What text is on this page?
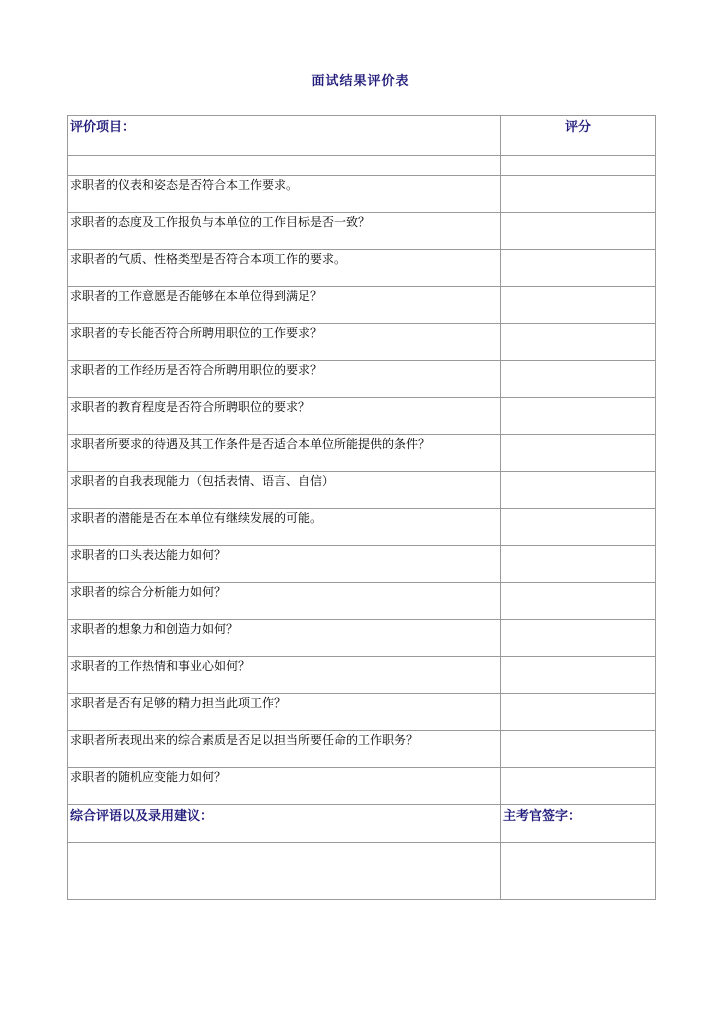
面试结果评价表
评价项目：	评分

求职者的仪表和姿态是否符合本工作要求。	
求职者的态度及工作报负与本单位的工作目标是否一致？	
求职者的气质、性格类型是否符合本项工作的要求。	
求职者的工作意愿是否能够在本单位得到满足？	
求职者的专长能否符合所聘用职位的工作要求？	
求职者的工作经历是否符合所聘用职位的要求？	
求职者的教育程度是否符合所聘职位的要求？	
求职者所要求的待遇及其工作条件是否适合本单位所能提供的条件？	
求职者的自我表现能力（包括表情、语言、自信）	
求职者的潜能是否在本单位有继续发展的可能。	
求职者的口头表达能力如何？	
求职者的综合分析能力如何？	
求职者的想象力和创造力如何？	
求职者的工作热情和事业心如何？	
求职者是否有足够的精力担当此项工作？	
求职者所表现出来的综合素质是否足以担当所要任命的工作职务？	
求职者的随机应变能力如何？	
综合评语以及录用建议：	主考官签字：
